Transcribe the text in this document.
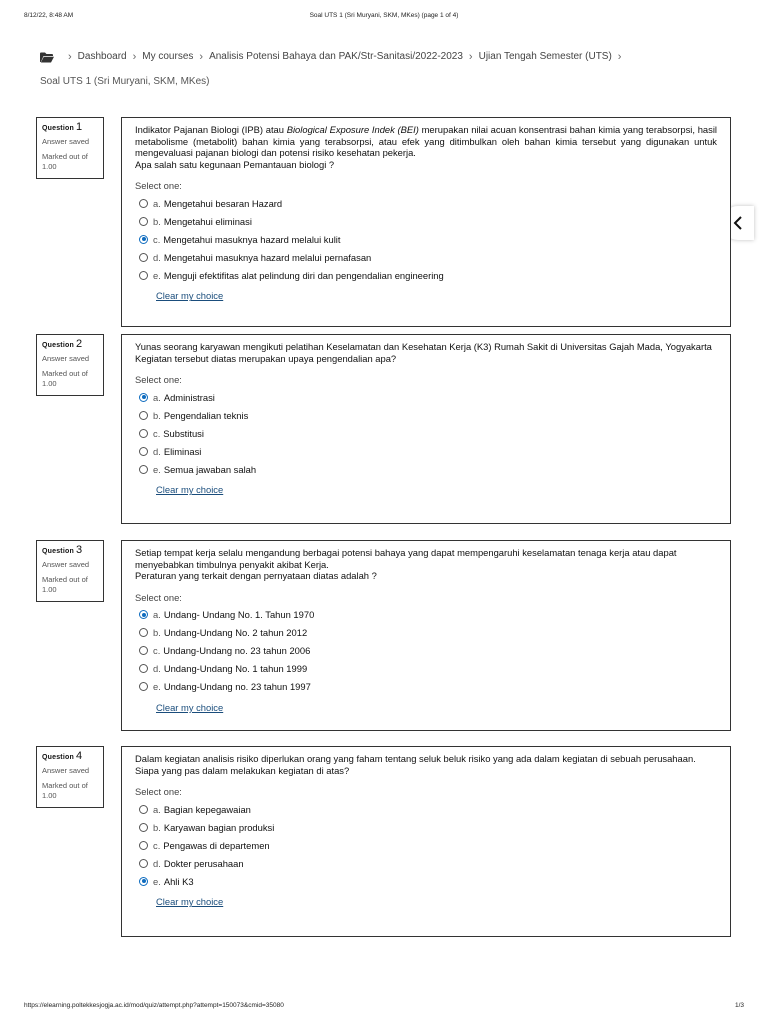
8/12/22, 8:48 AM	Soal UTS 1 (Sri Muryani, SKM, MKes) (page 1 of 4)
› Dashboard › My courses › Analisis Potensi Bahaya dan PAK/Str-Sanitasi/2022-2023 › Ujian Tengah Semester (UTS) ›
Soal UTS 1 (Sri Muryani, SKM, MKes)
Question 1
Answer saved
Marked out of 1.00

Indikator Pajanan Biologi (IPB) atau Biological Exposure Indek (BEI) merupakan nilai acuan konsentrasi bahan kimia yang terabsorpsi, hasil metabolisme (metabolit) bahan kimia yang terabsorpsi, atau efek yang ditimbulkan oleh bahan kimia tersebut yang digunakan untuk mengevaluasi pajanan biologi dan potensi risiko kesehatan pekerja.

Apa salah satu kegunaan Pemantauan biologi ?

Select one:
a. Mengetahui besaran Hazard
b. Mengetahui eliminasi
c. Mengetahui masuknya hazard melalui kulit
d. Mengetahui masuknya hazard melalui pernafasan
e. Menguji efektifitas alat pelindung diri dan pengendalian engineering
Clear my choice
Question 2
Answer saved
Marked out of 1.00

Yunas seorang karyawan mengikuti pelatihan Keselamatan dan Kesehatan Kerja (K3) Rumah Sakit di Universitas Gajah Mada, Yogyakarta

Kegiatan tersebut diatas merupakan upaya pengendalian apa?

Select one:
a. Administrasi
b. Pengendalian teknis
c. Substitusi
d. Eliminasi
e. Semua jawaban salah
Clear my choice
Question 3
Answer saved
Marked out of 1.00

Setiap tempat kerja selalu mengandung berbagai potensi bahaya yang dapat mempengaruhi keselamatan tenaga kerja atau dapat menyebabkan timbulnya penyakit akibat Kerja.

Peraturan yang terkait dengan pernyataan diatas adalah ?

Select one:
a. Undang- Undang No. 1. Tahun 1970
b. Undang-Undang No. 2 tahun 2012
c. Undang-Undang no. 23 tahun 2006
d. Undang-Undang No. 1 tahun 1999
e. Undang-Undang no. 23 tahun 1997
Clear my choice
Question 4
Answer saved
Marked out of 1.00

Dalam kegiatan analisis risiko diperlukan orang yang faham tentang seluk beluk risiko yang ada dalam kegiatan di sebuah perusahaan.

Siapa yang pas dalam melakukan kegiatan di atas?

Select one:
a. Bagian kepegawaian
b. Karyawan bagian produksi
c. Pengawas di departemen
d. Dokter perusahaan
e. Ahli K3
Clear my choice
https://elearning.poltekkesjogja.ac.id/mod/quiz/attempt.php?attempt=150073&cmid=35080	1/3
